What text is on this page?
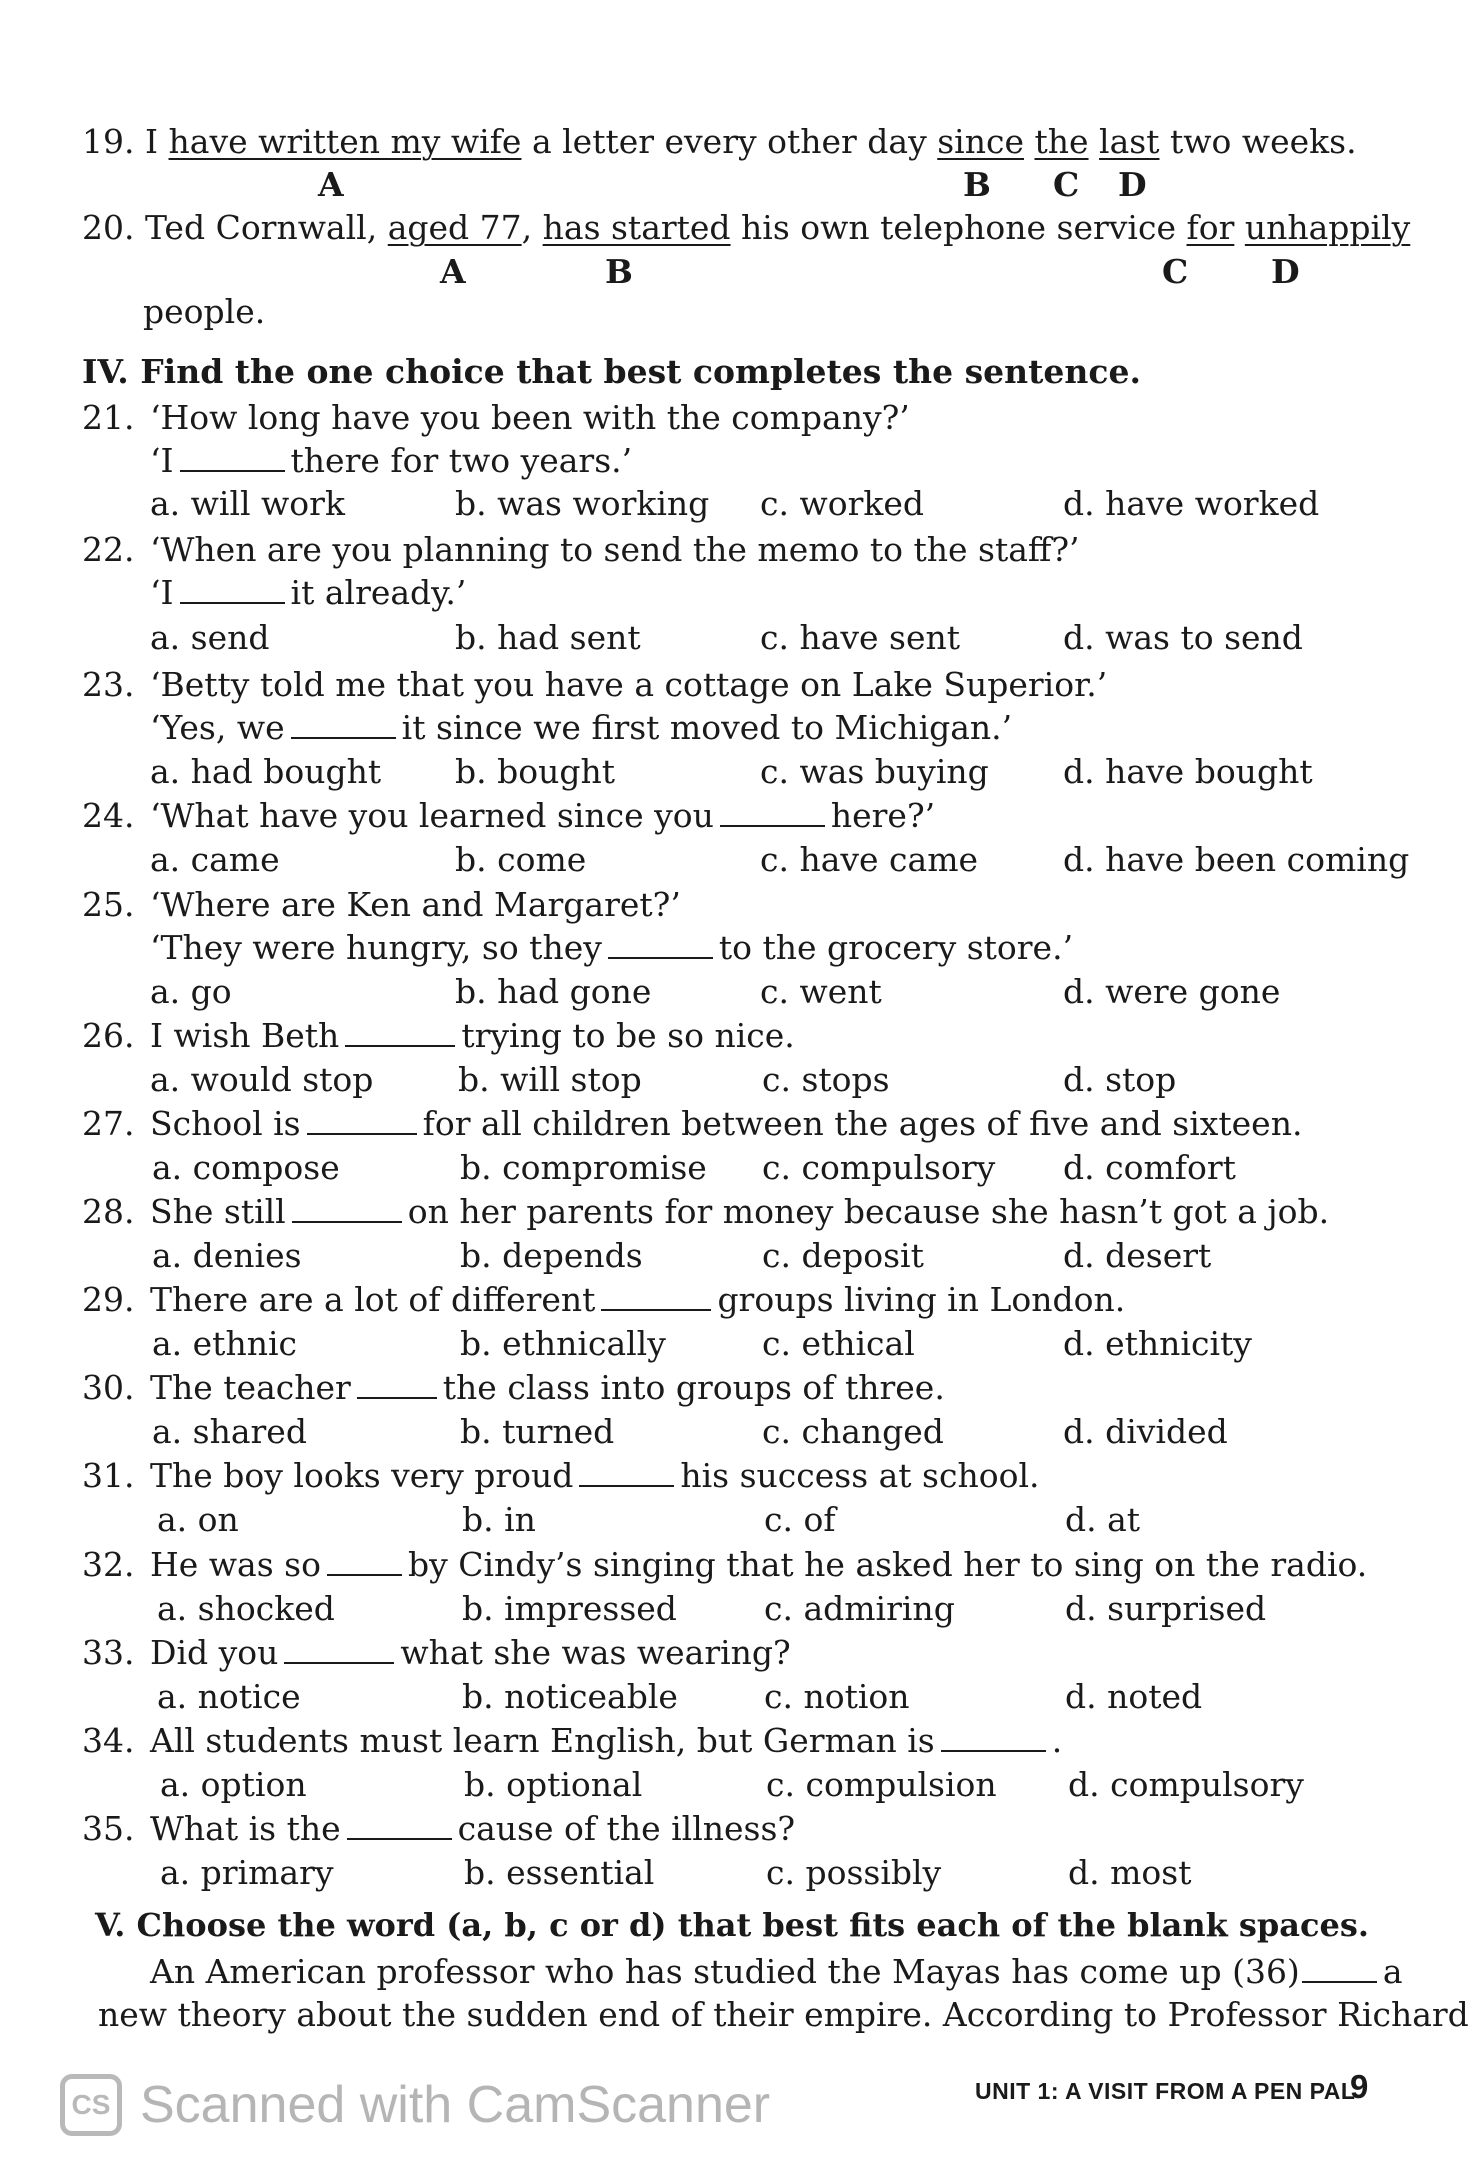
19. I have written my wife a letter every other day since the last two weeks.
A	B C D
20. Ted Cornwall, aged 77, has started his own telephone service for unhappily
A	B	C	D
people.
IV. Find the one choice that best completes the sentence.
21. ‘How long have you been with the company?’
‘I	there for two years.’
a. will work	b. was working c. worked	d. have worked
22. ‘When are you planning to send the memo to the staff?’
‘I	it already.’
a. send	b. had sent	c. have sent	d. was to send
23. ‘Betty told me that you have a cottage on Lake Superior.’
‘Yes, we	it since we first moved to Michigan.’
a. had bought b. bought	c. was buying d. have bought
24. ‘What have you learned since you	here?’
a. came	b. come	c. have came	d. have been coming
25. ‘Where are Ken and Margaret?’
‘They were hungry, so they	to the grocery store.’
a. go	b. had gone	c. went	d. were gone
26. I wish Beth	trying to be so nice.
a. would stop	b. will stop	c. stops	d. stop
27. School is	for all children between the ages of five and sixteen.
a. compose	b. compromise c. compulsory d. comfort
28. She still	on her parents for money because she hasn’t got a job.
a. denies	b. depends	c. deposit	d. desert
29. There are a lot of different	groups living in London.
a. ethnic	b. ethnically	c. ethical	d. ethnicity
30. The teacher	the class into groups of three.
a. shared	b. turned	c. changed	d. divided
31. The boy looks very proud	his success at school.
a. on	b. in	c. of	d. at
32. He was so	by Cindy’s singing that he asked her to sing on the radio.
a. shocked	b. impressed	c. admiring	d. surprised
33. Did you	what she was wearing?
a. notice	b. noticeable	c. notion	d. noted
34. All students must learn English, but German is	.
a. option	b. optional	c. compulsion d. compulsory
35. What is the	cause of the illness?
a. primary	b. essential	c. possibly	d. most
V. Choose the word (a, b, c or d) that best fits each of the blank spaces.
An American professor who has studied the Mayas has come up (36)	a
new theory about the sudden end of their empire. According to Professor Richard
UNIT 1: A VISIT FROM A PEN PAL
9
CS Scanned with CamScanner
